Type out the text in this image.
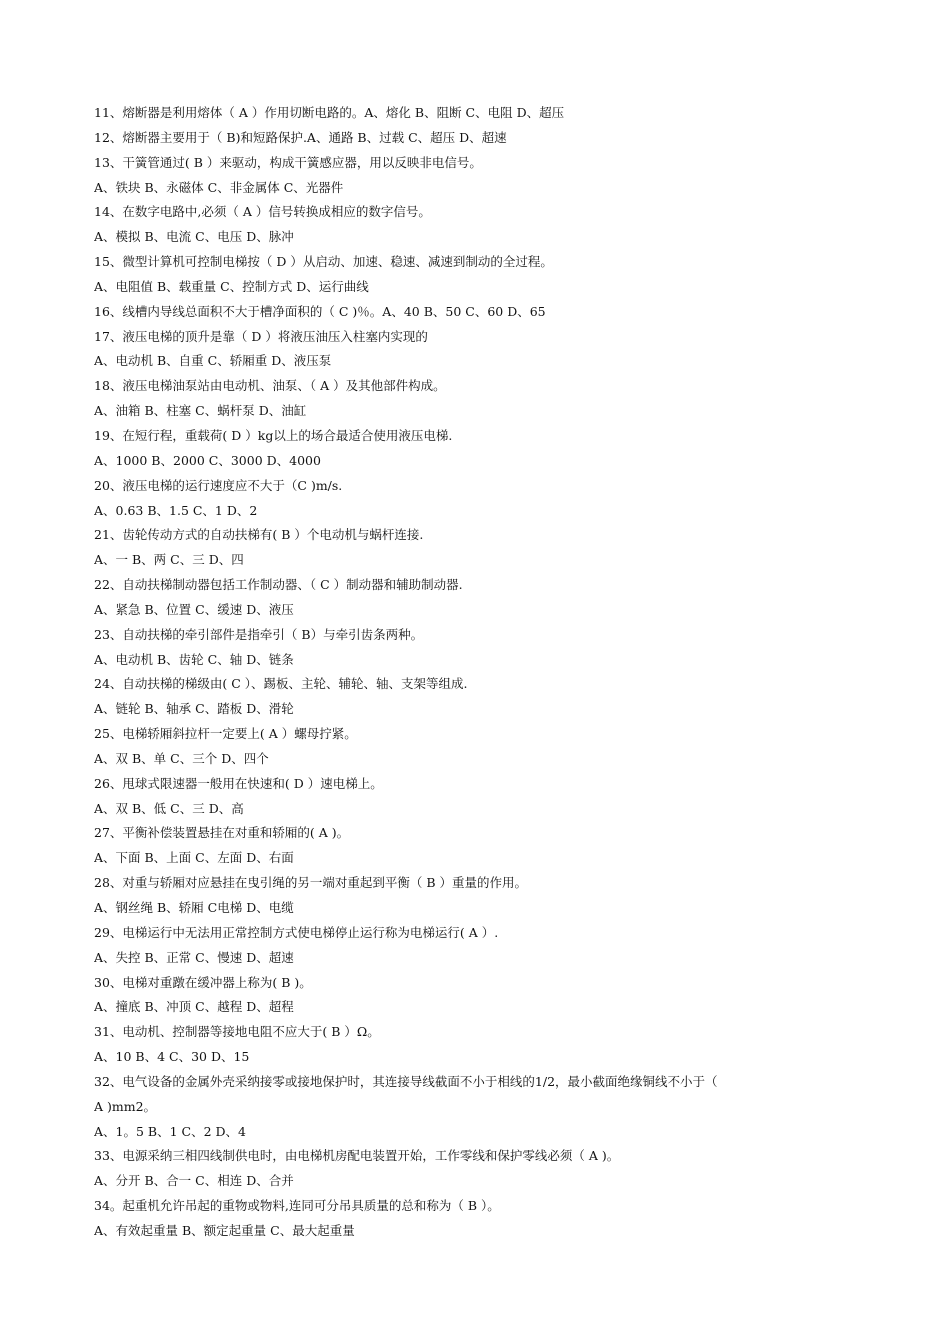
11、熔断器是利用熔体（ A ）作用切断电路的。A、熔化 B、阻断 C、电阻 D、超压
12、熔断器主要用于（ B)和短路保护.A、通路 B、过载 C、超压 D、超速
13、干簧管通过( B ）来驱动，构成干簧感应器，用以反映非电信号。
A、铁块 B、永磁体 C、非金属体 C、光器件
14、在数字电路中,必须（ A ）信号转换成相应的数字信号。
A、模拟 B、电流 C、电压 D、脉冲
15、微型计算机可控制电梯按（ D ）从启动、加速、稳速、减速到制动的全过程。
A、电阻值 B、载重量 C、控制方式 D、运行曲线
16、线槽内导线总面积不大于槽净面积的（ C )％。A、40 B、50 C、60 D、65
17、液压电梯的顶升是靠（ D ）将液压油压入柱塞内实现的
A、电动机 B、自重 C、轿厢重 D、液压泵
18、液压电梯油泵站由电动机、油泵、（ A ）及其他部件构成。
A、油箱 B、柱塞 C、蜗杆泵 D、油缸
19、在短行程，重载荷( D ）kg以上的场合最适合使用液压电梯.
A、1000 B、2000 C、3000 D、4000
20、液压电梯的运行速度应不大于（C )m/s.
A、0.63 B、1.5 C、1 D、2
21、齿轮传动方式的自动扶梯有( B ）个电动机与蜗杆连接.
A、一 B、两 C、三 D、四
22、自动扶梯制动器包括工作制动器、（ C ）制动器和辅助制动器.
A、紧急 B、位置 C、缓速 D、液压
23、自动扶梯的牵引部件是指牵引（ B）与牵引齿条两种。
A、电动机 B、齿轮 C、轴 D、链条
24、自动扶梯的梯级由( C ）、踢板、主轮、辅轮、轴、支架等组成.
A、链轮 B、轴承 C、踏板 D、滑轮
25、电梯轿厢斜拉杆一定要上( A ）螺母拧紧。
A、双 B、单 C、三个 D、四个
26、甩球式限速器一般用在快速和( D ）速电梯上。
A、双 B、低 C、三 D、高
27、平衡补偿装置悬挂在对重和轿厢的( A )。
A、下面 B、上面 C、左面 D、右面
28、对重与轿厢对应悬挂在曳引绳的另一端对重起到平衡（ B ）重量的作用。
A、钢丝绳 B、轿厢 C电梯 D、电缆
29、电梯运行中无法用正常控制方式使电梯停止运行称为电梯运行( A ）.
A、失控 B、正常 C、慢速 D、超速
30、电梯对重蹾在缓冲器上称为( B )。
A、撞底 B、冲顶 C、越程 D、超程
31、电动机、控制器等接地电阻不应大于( B ）Ω。
A、10 B、4 C、30 D、15
32、电气设备的金属外壳采纳接零或接地保护时，其连接导线截面不小于相线的1/2，最小截面绝缘铜线不小于（
A )mm2。
A、1。5 B、1 C、2 D、4
33、电源采纳三相四线制供电时，由电梯机房配电装置开始，工作零线和保护零线必须（ A )。
A、分开 B、合一 C、相连 D、合并
34。起重机允许吊起的重物或物料,连同可分吊具质量的总和称为（ B ）。
A、有效起重量 B、额定起重量 C、最大起重量
